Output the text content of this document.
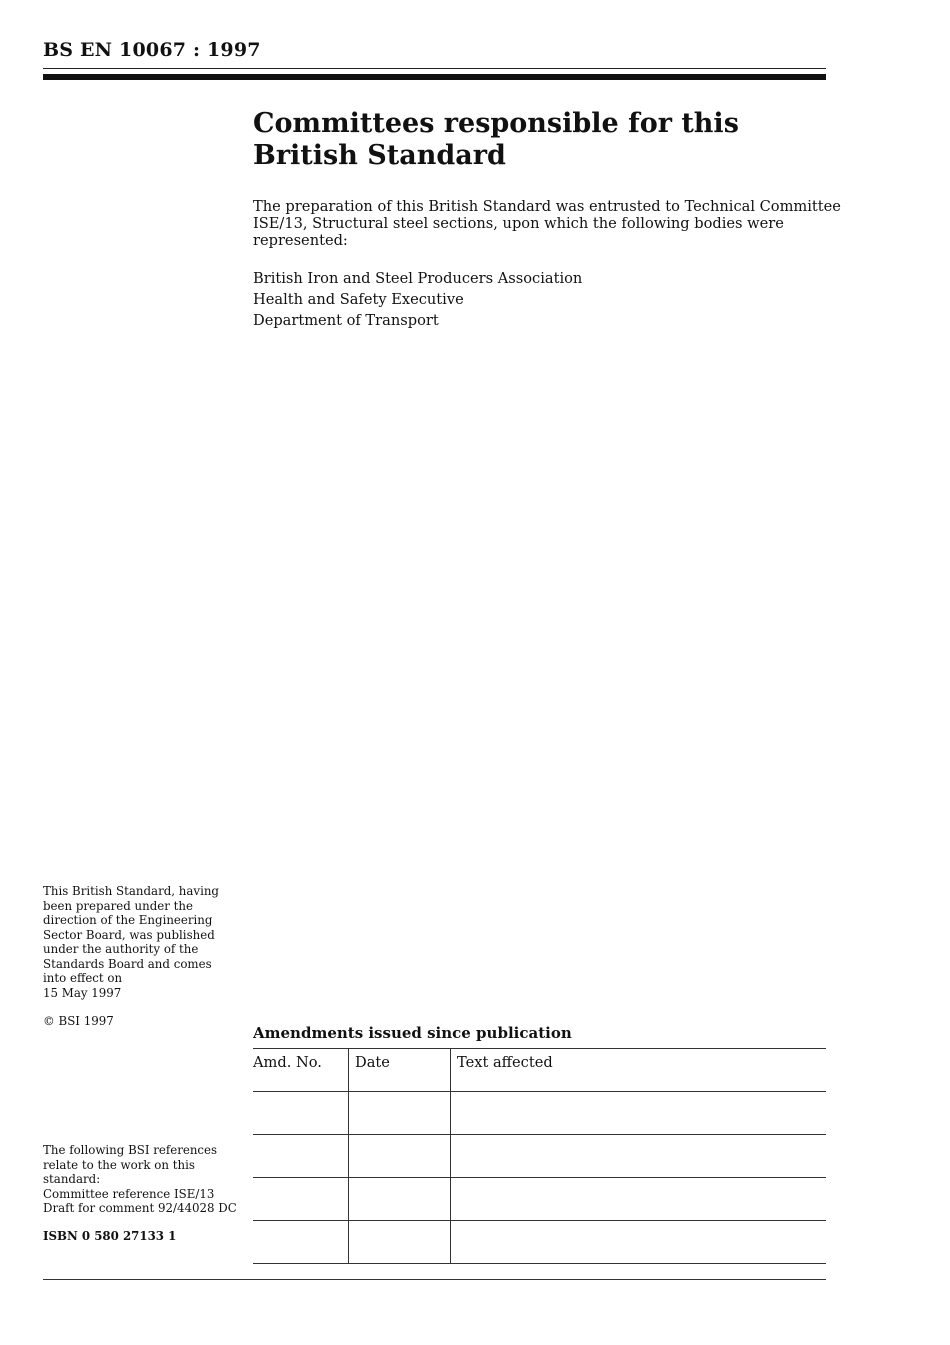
BS EN 10067 : 1997
Committees responsible for this
British Standard
The preparation of this British Standard was entrusted to Technical Committee ISE/13, Structural steel sections, upon which the following bodies were represented:
British Iron and Steel Producers Association
Health and Safety Executive
Department of Transport
This British Standard, having been prepared under the direction of the Engineering Sector Board, was published under the authority of the Standards Board and comes into effect on
15 May 1997
© BSI 1997
The following BSI references relate to the work on this standard:
Committee reference ISE/13
Draft for comment 92/44028 DC
ISBN 0 580 27133 1
Amendments issued since publication
Amd. No.	Date	Text affected
